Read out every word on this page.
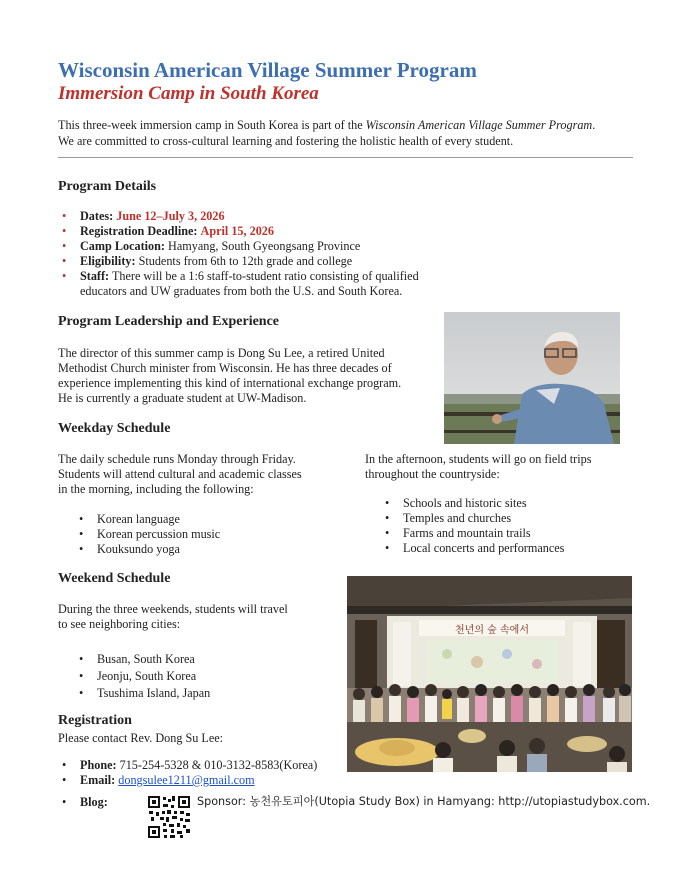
Wisconsin American Village Summer Program
Immersion Camp in South Korea
This three-week immersion camp in South Korea is part of the Wisconsin American Village Summer Program.
We are committed to cross-cultural learning and fostering the holistic health of every student.
Program Details
• Dates: June 12–July 3, 2026
• Registration Deadline: April 15, 2026
• Camp Location: Hamyang, South Gyeongsang Province
• Eligibility: Students from 6th to 12th grade and college
• Staff: There will be a 1:6 staff-to-student ratio consisting of qualified
educators and UW graduates from both the U.S. and South Korea.
Program Leadership and Experience
The director of this summer camp is Dong Su Lee, a retired United
Methodist Church minister from Wisconsin. He has three decades of
experience implementing this kind of international exchange program.
He is currently a graduate student at UW-Madison.
Weekday Schedule
The daily schedule runs Monday through Friday.
Students will attend cultural and academic classes
in the morning, including the following:
• Korean language
• Korean percussion music
• Kouksundo yoga
In the afternoon, students will go on field trips
throughout the countryside:
• Schools and historic sites
• Temples and churches
• Farms and mountain trails
• Local concerts and performances
Weekend Schedule
During the three weekends, students will travel
to see neighboring cities:
• Busan, South Korea
• Jeonju, South Korea
• Tsushima Island, Japan
천년의 숲 속에서
Registration
Please contact Rev. Dong Su Lee:
• Phone: 715-254-5328 & 010-3132-8583(Korea)
• Email: dongsulee1211@gmail.com
• Blog:	Sponsor: 농천유토피아(Utopia Study Box) in Hamyang: http://utopiastudybox.com.
